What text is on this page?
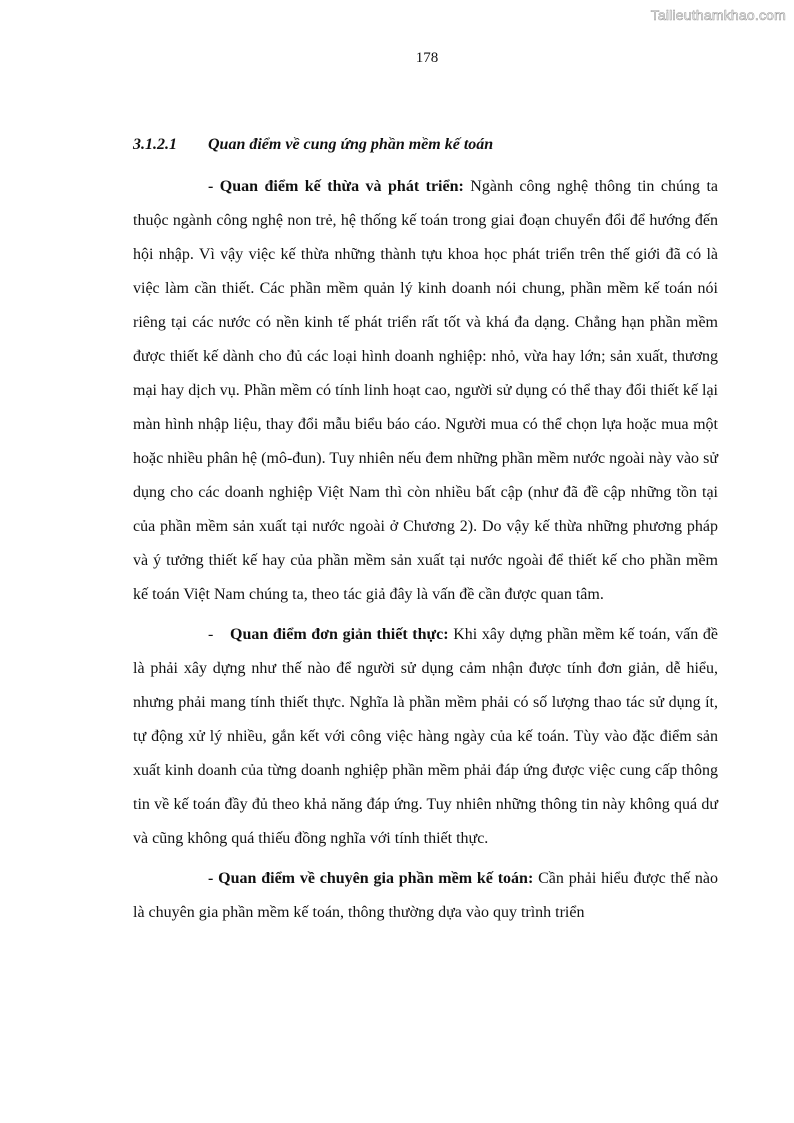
Tailieuthamkhao.com
178
3.1.2.1 Quan điểm về cung ứng phần mềm kế toán

- Quan điểm kế thừa và phát triển: Ngành công nghệ thông tin chúng ta thuộc ngành công nghệ non trẻ, hệ thống kế toán trong giai đoạn chuyển đổi để hướng đến hội nhập. Vì vậy việc kế thừa những thành tựu khoa học phát triển trên thế giới đã có là việc làm cần thiết. Các phần mềm quản lý kinh doanh nói chung, phần mềm kế toán nói riêng tại các nước có nền kinh tế phát triển rất tốt và khá đa dạng. Chẳng hạn phần mềm được thiết kế dành cho đủ các loại hình doanh nghiệp: nhỏ, vừa hay lớn; sản xuất, thương mại hay dịch vụ. Phần mềm có tính linh hoạt cao, người sử dụng có thể thay đổi thiết kế lại màn hình nhập liệu, thay đổi mẫu biểu báo cáo. Người mua có thể chọn lựa hoặc mua một hoặc nhiều phân hệ (mô-đun). Tuy nhiên nếu đem những phần mềm nước ngoài này vào sử dụng cho các doanh nghiệp Việt Nam thì còn nhiều bất cập (như đã đề cập những tồn tại của phần mềm sản xuất tại nước ngoài ở Chương 2). Do vậy kế thừa những phương pháp và ý tưởng thiết kế hay của phần mềm sản xuất tại nước ngoài để thiết kế cho phần mềm kế toán Việt Nam chúng ta, theo tác giả đây là vấn đề cần được quan tâm.

- Quan điểm đơn giản thiết thực: Khi xây dựng phần mềm kế toán, vấn đề là phải xây dựng như thế nào để người sử dụng cảm nhận được tính đơn giản, dễ hiểu, nhưng phải mang tính thiết thực. Nghĩa là phần mềm phải có số lượng thao tác sử dụng ít, tự động xử lý nhiều, gắn kết với công việc hàng ngày của kế toán. Tùy vào đặc điểm sản xuất kinh doanh của từng doanh nghiệp phần mềm phải đáp ứng được việc cung cấp thông tin về kế toán đầy đủ theo khả năng đáp ứng. Tuy nhiên những thông tin này không quá dư và cũng không quá thiếu đồng nghĩa với tính thiết thực.

- Quan điểm về chuyên gia phần mềm kế toán: Cần phải hiểu được thế nào là chuyên gia phần mềm kế toán, thông thường dựa vào quy trình triển
